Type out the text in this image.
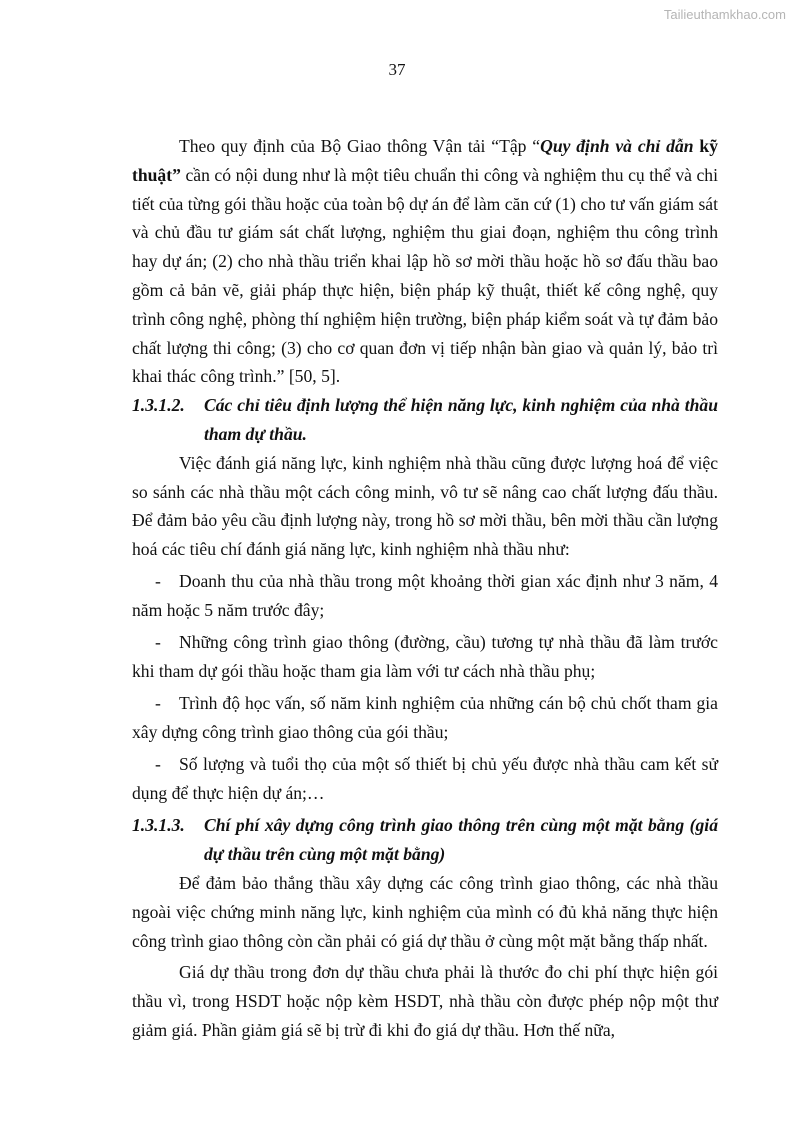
Tailieuthamkhao.com
37

Theo quy định của Bộ Giao thông Vận tải “Tập “Quy định và chỉ dẫn kỹ thuật” cần có nội dung như là một tiêu chuẩn thi công và nghiệm thu cụ thể và chi tiết của từng gói thầu hoặc của toàn bộ dự án để làm căn cứ (1) cho tư vấn giám sát và chủ đầu tư giám sát chất lượng, nghiệm thu giai đoạn, nghiệm thu công trình hay dự án; (2) cho nhà thầu triển khai lập hồ sơ mời thầu hoặc hồ sơ đấu thầu bao gồm cả bản vẽ, giải pháp thực hiện, biện pháp kỹ thuật, thiết kế công nghệ, quy trình công nghệ, phòng thí nghiệm hiện trường, biện pháp kiểm soát và tự đảm bảo chất lượng thi công; (3) cho cơ quan đơn vị tiếp nhận bàn giao và quản lý, bảo trì khai thác công trình.” [50, 5].

1.3.1.2. Các chỉ tiêu định lượng thể hiện năng lực, kinh nghiệm của nhà thầu tham dự thầu.

Việc đánh giá năng lực, kinh nghiệm nhà thầu cũng được lượng hoá để việc so sánh các nhà thầu một cách công minh, vô tư sẽ nâng cao chất lượng đấu thầu. Để đảm bảo yêu cầu định lượng này, trong hồ sơ mời thầu, bên mời thầu cần lượng hoá các tiêu chí đánh giá năng lực, kinh nghiệm nhà thầu như:

- Doanh thu của nhà thầu trong một khoảng thời gian xác định như 3 năm, 4 năm hoặc 5 năm trước đây;

- Những công trình giao thông (đường, cầu) tương tự nhà thầu đã làm trước khi tham dự gói thầu hoặc tham gia làm với tư cách nhà thầu phụ;

- Trình độ học vấn, số năm kinh nghiệm của những cán bộ chủ chốt tham gia xây dựng công trình giao thông của gói thầu;

- Số lượng và tuổi thọ của một số thiết bị chủ yếu được nhà thầu cam kết sử dụng để thực hiện dự án;…

1.3.1.3. Chí phí xây dựng công trình giao thông trên cùng một mặt bằng (giá dự thầu trên cùng một mặt bằng)

Để đảm bảo thắng thầu xây dựng các công trình giao thông, các nhà thầu ngoài việc chứng minh năng lực, kinh nghiệm của mình có đủ khả năng thực hiện công trình giao thông còn cần phải có giá dự thầu ở cùng một mặt bằng thấp nhất.

Giá dự thầu trong đơn dự thầu chưa phải là thước đo chi phí thực hiện gói thầu vì, trong HSDT hoặc nộp kèm HSDT, nhà thầu còn được phép nộp một thư giảm giá. Phần giảm giá sẽ bị trừ đi khi đo giá dự thầu. Hơn thế nữa,
